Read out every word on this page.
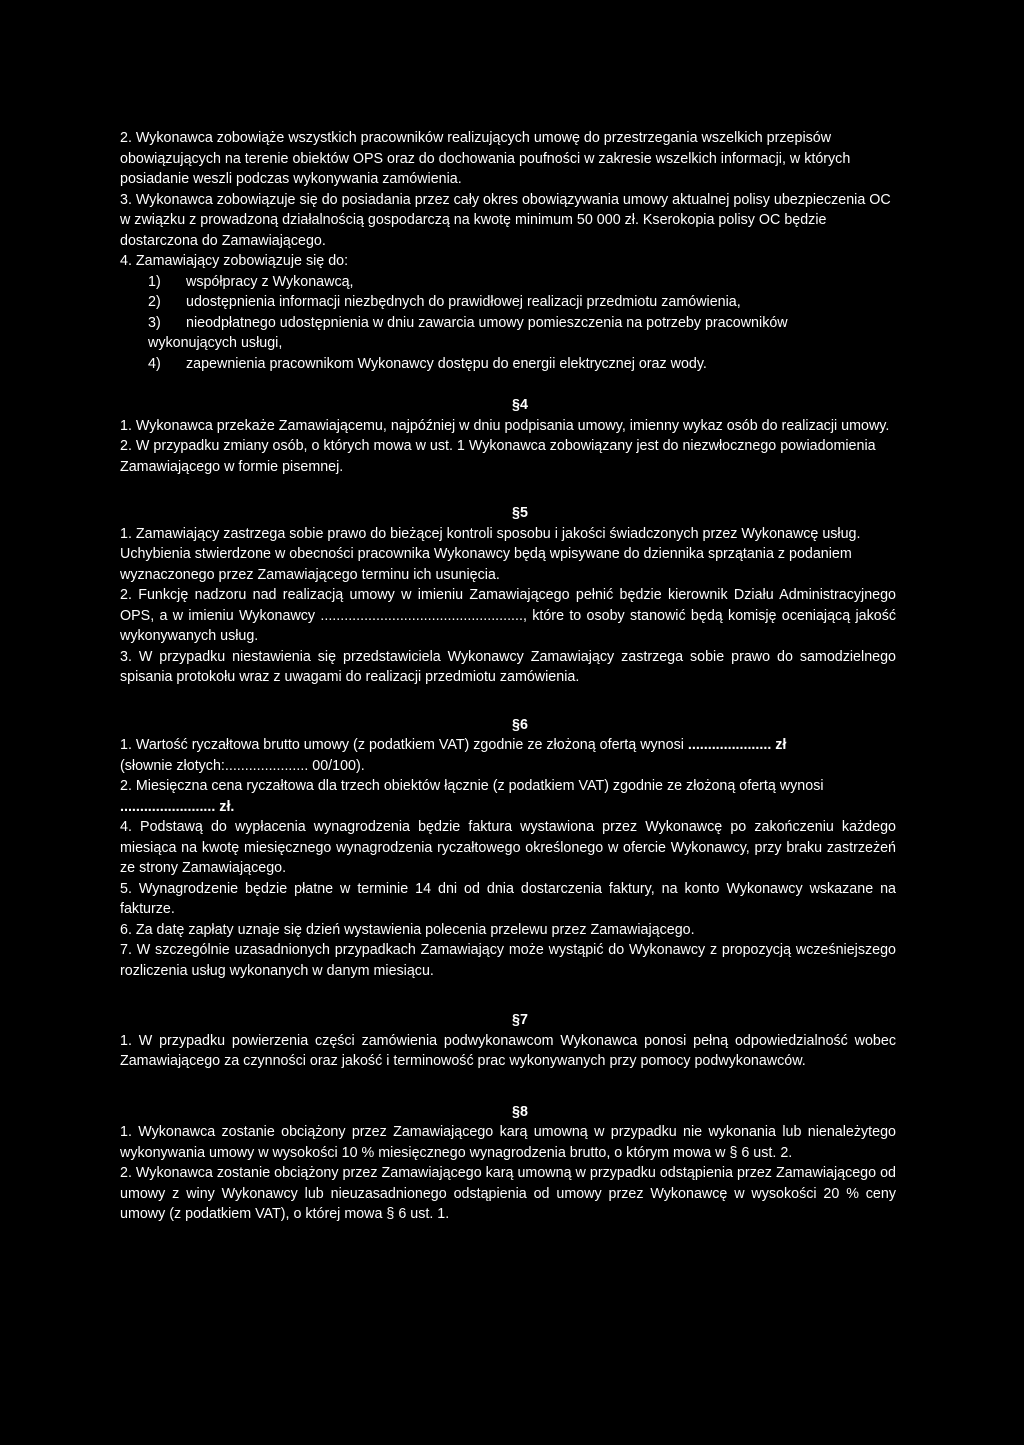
2. Wykonawca zobowiąże wszystkich pracowników realizujących umowę do przestrzegania wszelkich przepisów obowiązujących na terenie obiektów OPS oraz do dochowania poufności w zakresie wszelkich informacji, w których posiadanie weszli podczas wykonywania zamówienia.

3. Wykonawca zobowiązuje się do posiadania przez cały okres obowiązywania umowy aktualnej polisy ubezpieczenia OC w związku z prowadzoną działalnością gospodarczą na kwotę minimum 50 000 zł. Kserokopia polisy OC będzie dostarczona do Zamawiającego.

4. Zamawiający zobowiązuje się do:

1) współpracy z Wykonawcą,
2) udostępnienia informacji niezbędnych do prawidłowej realizacji przedmiotu zamówienia,
3) nieodpłatnego udostępnienia w dniu zawarcia umowy pomieszczenia na potrzeby pracowników
wykonujących usługi,
4) zapewnienia pracownikom Wykonawcy dostępu do energii elektrycznej oraz wody.

§4

1. Wykonawca przekaże Zamawiającemu, najpóźniej w dniu podpisania umowy, imienny wykaz osób do realizacji umowy.

2. W przypadku zmiany osób, o których mowa w ust. 1 Wykonawca zobowiązany jest do niezwłocznego powiadomienia Zamawiającego w formie pisemnej.

§5

1. Zamawiający zastrzega sobie prawo do bieżącej kontroli sposobu i jakości świadczonych przez Wykonawcę usług. Uchybienia stwierdzone w obecności pracownika Wykonawcy będą wpisywane do dziennika sprzątania z podaniem wyznaczonego przez Zamawiającego terminu ich usunięcia.

2. Funkcję nadzoru nad realizacją umowy w imieniu Zamawiającego pełnić będzie kierownik Działu Administracyjnego OPS, a w imieniu Wykonawcy ..................................................., które to osoby stanowić będą komisję oceniającą jakość wykonywanych usług.

3. W przypadku niestawienia się przedstawiciela Wykonawcy Zamawiający zastrzega sobie prawo do samodzielnego spisania protokołu wraz z uwagami do realizacji przedmiotu zamówienia.

§6

1. Wartość ryczałtowa brutto umowy (z podatkiem VAT) zgodnie ze złożoną ofertą wynosi ..................... zł

(słownie złotych:..................... 00/100).

2. Miesięczna cena ryczałtowa dla trzech obiektów łącznie (z podatkiem VAT) zgodnie ze złożoną ofertą wynosi

........................ zł.

4. Podstawą do wypłacenia wynagrodzenia będzie faktura wystawiona przez Wykonawcę po zakończeniu każdego miesiąca na kwotę miesięcznego wynagrodzenia ryczałtowego określonego w ofercie Wykonawcy, przy braku zastrzeżeń ze strony Zamawiającego.

5. Wynagrodzenie będzie płatne w terminie 14 dni od dnia dostarczenia faktury, na konto Wykonawcy wskazane na fakturze.

6. Za datę zapłaty uznaje się dzień wystawienia polecenia przelewu przez Zamawiającego.

7. W szczególnie uzasadnionych przypadkach Zamawiający może wystąpić do Wykonawcy z propozycją wcześniejszego rozliczenia usług wykonanych w danym miesiącu.

§7

1. W przypadku powierzenia części zamówienia podwykonawcom Wykonawca ponosi pełną odpowiedzialność wobec Zamawiającego za czynności oraz jakość i terminowość prac wykonywanych przy pomocy podwykonawców.

§8

1. Wykonawca zostanie obciążony przez Zamawiającego karą umowną w przypadku nie wykonania lub nienależytego wykonywania umowy w wysokości 10 % miesięcznego wynagrodzenia brutto, o którym mowa w § 6 ust. 2.

2. Wykonawca zostanie obciążony przez Zamawiającego karą umowną w przypadku odstąpienia przez Zamawiającego od umowy z winy Wykonawcy lub nieuzasadnionego odstąpienia od umowy przez Wykonawcę w wysokości 20 % ceny umowy (z podatkiem VAT), o której mowa § 6 ust. 1.
